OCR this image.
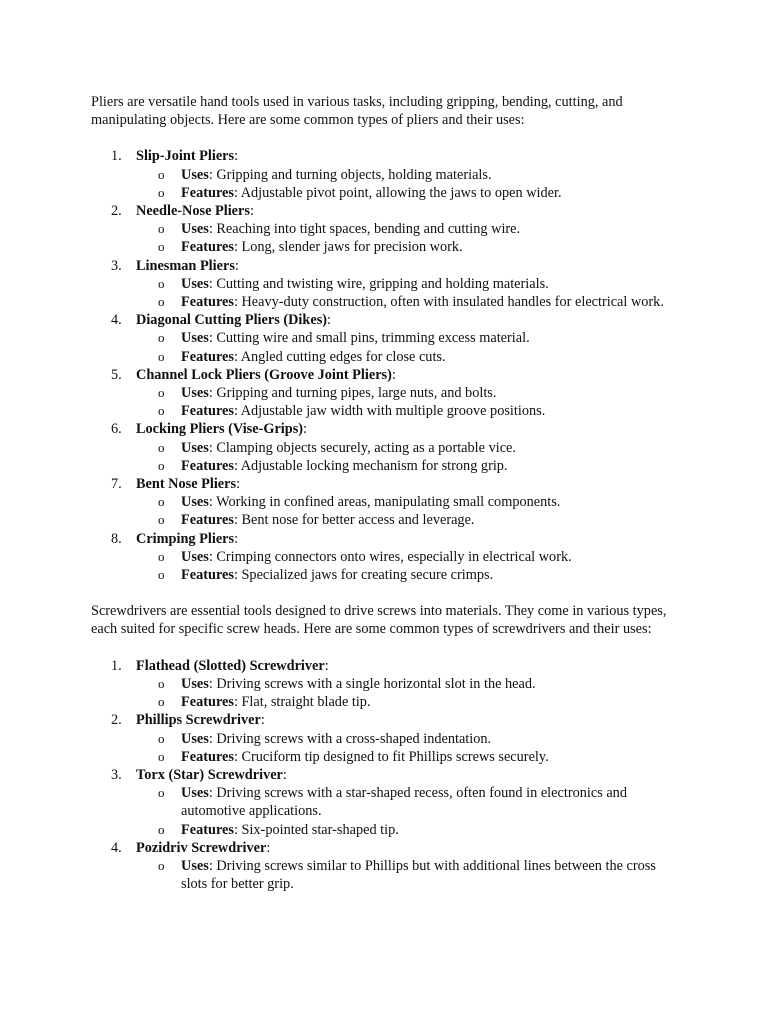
Pliers are versatile hand tools used in various tasks, including gripping, bending, cutting, and manipulating objects. Here are some common types of pliers and their uses:

1. Slip-Joint Pliers:
o Uses: Gripping and turning objects, holding materials.
o Features: Adjustable pivot point, allowing the jaws to open wider.
2. Needle-Nose Pliers:
o Uses: Reaching into tight spaces, bending and cutting wire.
o Features: Long, slender jaws for precision work.
3. Linesman Pliers:
o Uses: Cutting and twisting wire, gripping and holding materials.
o Features: Heavy-duty construction, often with insulated handles for electrical work.
4. Diagonal Cutting Pliers (Dikes):
o Uses: Cutting wire and small pins, trimming excess material.
o Features: Angled cutting edges for close cuts.
5. Channel Lock Pliers (Groove Joint Pliers):
o Uses: Gripping and turning pipes, large nuts, and bolts.
o Features: Adjustable jaw width with multiple groove positions.
6. Locking Pliers (Vise-Grips):
o Uses: Clamping objects securely, acting as a portable vice.
o Features: Adjustable locking mechanism for strong grip.
7. Bent Nose Pliers:
o Uses: Working in confined areas, manipulating small components.
o Features: Bent nose for better access and leverage.
8. Crimping Pliers:
o Uses: Crimping connectors onto wires, especially in electrical work.
o Features: Specialized jaws for creating secure crimps.

Screwdrivers are essential tools designed to drive screws into materials. They come in various types, each suited for specific screw heads. Here are some common types of screwdrivers and their uses:

1. Flathead (Slotted) Screwdriver:
o Uses: Driving screws with a single horizontal slot in the head.
o Features: Flat, straight blade tip.
2. Phillips Screwdriver:
o Uses: Driving screws with a cross-shaped indentation.
o Features: Cruciform tip designed to fit Phillips screws securely.
3. Torx (Star) Screwdriver:
o Uses: Driving screws with a star-shaped recess, often found in electronics and automotive applications.
o Features: Six-pointed star-shaped tip.
4. Pozidriv Screwdriver:
o Uses: Driving screws similar to Phillips but with additional lines between the cross slots for better grip.
